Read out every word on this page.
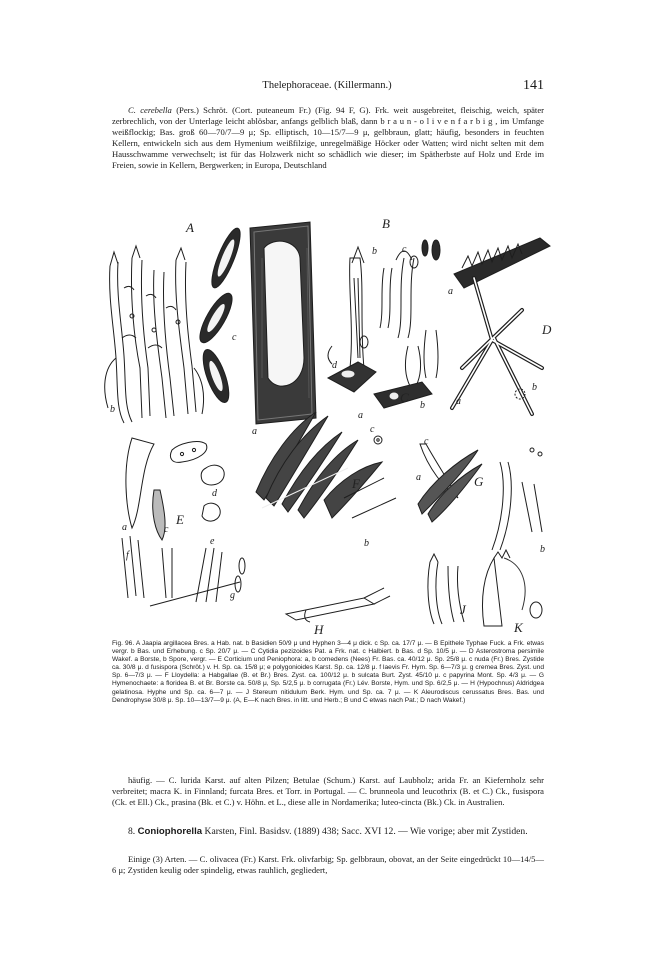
Thelephoraceae. (Killermann.)	141
C. cerebella (Pers.) Schröt. (Cort. puteaneum Fr.) (Fig. 94 F, G). Frk. weit ausgebreitet, fleischig, weich, später zerbrechlich, von der Unterlage leicht ablösbar, anfangs gelblich blaß, dann b r a u n - o l i v e n f a r b i g , im Umfange weißflockig; Bas. groß 60—70/7—9 μ; Sp. elliptisch, 10—15/7—9 μ, gelbbraun, glatt; häufig, besonders in feuchten Kellern, entwickeln sich aus dem Hymenium weißfilzige, unregelmäßige Höcker oder Watten; wird nicht selten mit dem Hausschwamme verwechselt; ist für das Holzwerk nicht so schädlich wie dieser; im Spätherbste auf Holz und Erde im Freien, sowie in Kellern, Bergwerken; in Europa, Deutschland
A	B
C
D
E
F	G
H
J
K
b
c
a
b	c
a
d
a
b	a
b
a	c
d
e
f
g
c
b
c
a
b
Fig. 96. A Jaapia argillacea Bres. a Hab. nat. b Basidien 50/9 μ und Hyphen 3—4 μ dick. c Sp. ca. 17/7 μ. — B Epithele Typhae Fuck. a Frk. etwas vergr. b Bas. und Erhebung. c Sp. 20/7 μ. — C Cytidia pezizoides Pat. a Frk. nat. c Halbiert. b Bas. d Sp. 10/5 μ. — D Asterostroma persimile Wakef. a Borste, b Spore, vergr. — E Corticium und Peniophora: a, b comedens (Nees) Fr. Bas. ca. 40/12 μ. Sp. 25/8 μ. c nuda (Fr.) Bres. Zystide ca. 30/8 μ. d fusispora (Schröt.) v. H. Sp. ca. 15/8 μ; e polygonioides Karst. Sp. ca. 12/8 μ. f laevis Fr. Hym. Sp. 6—7/3 μ. g cremea Bres. Zyst. und Sp. 6—7/3 μ. — F Lloydella: a Habgallae (B. et Br.) Bres. Zyst. ca. 100/12 μ. b sulcata Burt. Zyst. 45/10 μ. c papyrina Mont. Sp. 4/3 μ. — G Hymenochaete: a floridea B. et Br. Borste ca. 50/8 μ, Sp. 5/2,5 μ. b corrugata (Fr.) Lév. Borste, Hym. und Sp. 6/2,5 μ. — H (Hypochnus) Aldridgea gelatinosa. Hyphe und Sp. ca. 6—7 μ. — J Stereum nitidulum Berk. Hym. und Sp. ca. 7 μ. — K Aleurodiscus cerussatus Bres. Bas. und Dendrophyse 30/8 μ. Sp. 10—13/7—9 μ. (A, E—K nach Bres. in litt. und Herb.; B und C etwas nach Pat.; D nach Wakef.)
häufig. — C. lurida Karst. auf alten Pilzen; Betulae (Schum.) Karst. auf Laubholz; arida Fr. an Kiefernholz sehr verbreitet; macra K. in Finnland; furcata Bres. et Torr. in Portugal. — C. brunneola und leucothrix (B. et C.) Ck., fusispora (Ck. et Ell.) Ck., prasina (Bk. et C.) v. Höhn. et L., diese alle in Nordamerika; luteo-cincta (Bk.) Ck. in Australien.
8. Coniophorella Karsten, Finl. Basidsv. (1889) 438; Sacc. XVI 12. — Wie vorige; aber mit Zystiden.
Einige (3) Arten. — C. olivacea (Fr.) Karst. Frk. olivfarbig; Sp. gelbbraun, obovat, an der Seite eingedrückt 10—14/5—6 μ; Zystiden keulig oder spindelig, etwas rauhlich, gegliedert,
